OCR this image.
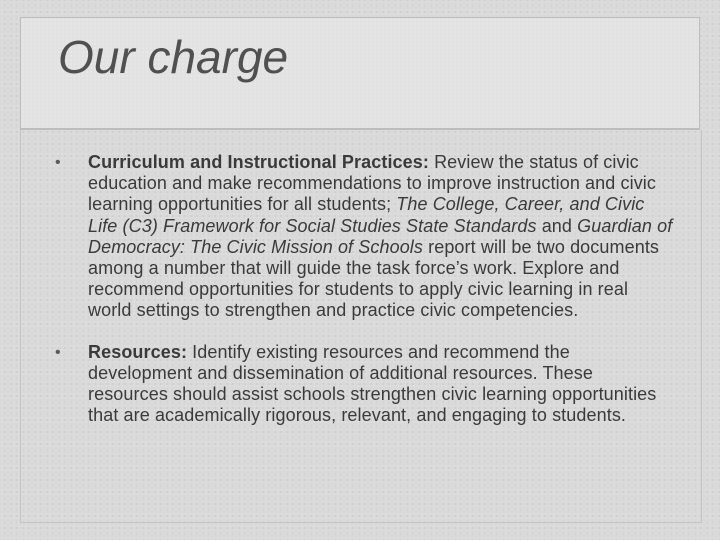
Our charge
•	Curriculum and Instructional Practices: Review the status of civic education and make recommendations to improve instruction and civic learning opportunities for all students; The College, Career, and Civic Life (C3) Framework for Social Studies State Standards and Guardian of Democracy: The Civic Mission of Schools report will be two documents among a number that will guide the task force’s work. Explore and recommend opportunities for students to apply civic learning in real world settings to strengthen and practice civic competencies.
•	Resources: Identify existing resources and recommend the development and dissemination of additional resources. These resources should assist schools strengthen civic learning opportunities that are academically rigorous, relevant, and engaging to students.
